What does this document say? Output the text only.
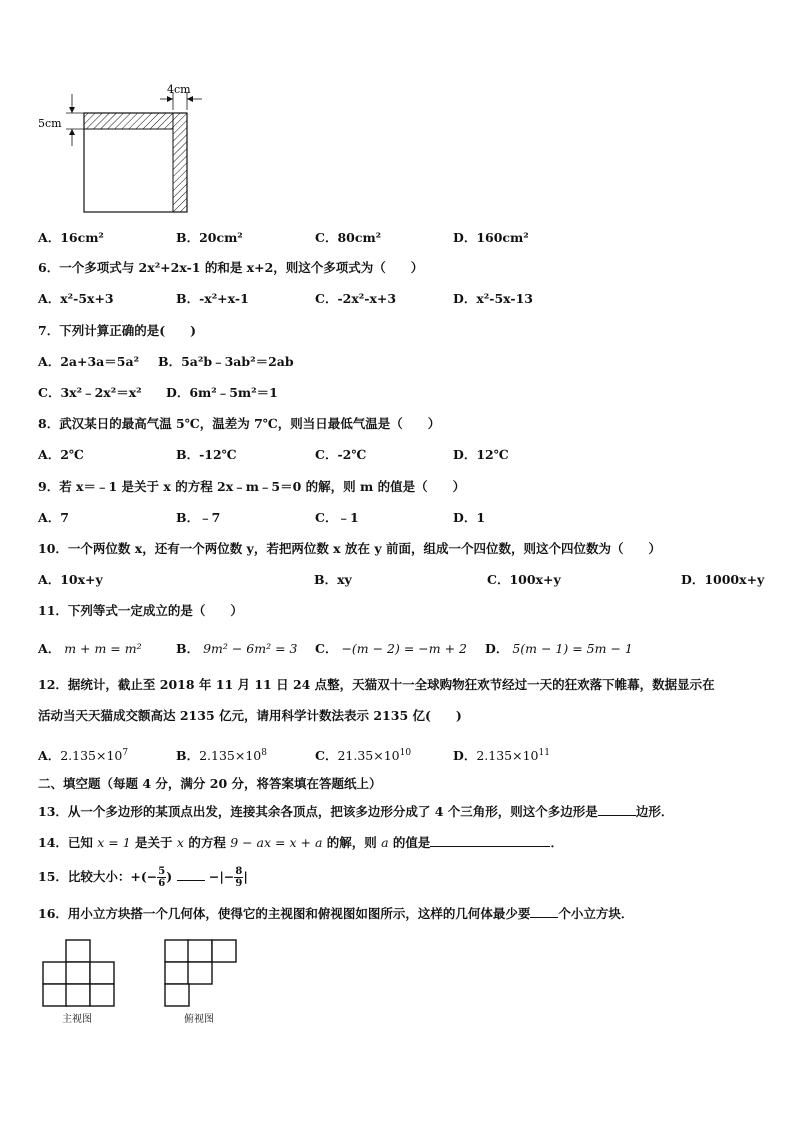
4cm
5cm
A．16cm²	B．20cm²	C．80cm²	D．160cm²
6．一个多项式与 2x²+2x-1 的和是 x+2，则这个多项式为（　　）
A．x²-5x+3	B．-x²+x-1	C．-2x²-x+3	D．x²-5x-13
7．下列计算正确的是(　　)
A．2a+3a＝5a² B．5a²b﹣3ab²＝2ab
C．3x²﹣2x²＝x² D．6m²﹣5m²＝1
8．武汉某日的最高气温 5℃，温差为 7℃，则当日最低气温是（　　）
A．2℃	B．-12℃	C．-2℃	D．12℃
9．若 x＝﹣1 是关于 x 的方程 2x﹣m﹣5＝0 的解，则 m 的值是（　　）
A．7	B．﹣7	C．﹣1	D．1
10．一个两位数 x，还有一个两位数 y，若把两位数 x 放在 y 前面，组成一个四位数，则这个四位数为（　　）
A．10x+y	B．xy	C．100x+y	D．1000x+y
11．下列等式一定成立的是（　　）
A． m + m = m²	B． 9m² − 6m² = 3 C． −(m − 2) = −m + 2 D． 5(m − 1) = 5m − 1
12．据统计，截止至 2018 年 11 月 11 日 24 点整，天猫双十一全球购物狂欢节经过一天的狂欢落下帷幕，数据显示在
活动当天天猫成交额高达 2135 亿元，请用科学计数法表示 2135 亿(　　)
A．$2.135\times 10^7$	B．$2.135\times 10^8$	C．$21.35\times 10^{10}$	D．$2.135\times 10^{11}$
二、填空题（每题 4 分，满分 20 分，将答案填在答题纸上）
13．从一个多边形的某顶点出发，连接其余各顶点，把该多边形分成了 4 个三角形，则这个多边形是	边形．
14．已知 x = 1 是关于 x 的方程 9 − ax = x + a 的解，则 a 的值是	．
15．比较大小：+(− $\frac{5}{6}$ )	−|− $\frac{8}{9}$ |
16．用小立方块搭一个几何体，使得它的主视图和俯视图如图所示，这样的几何体最少要 个小立方块．
主视图	俯视图
